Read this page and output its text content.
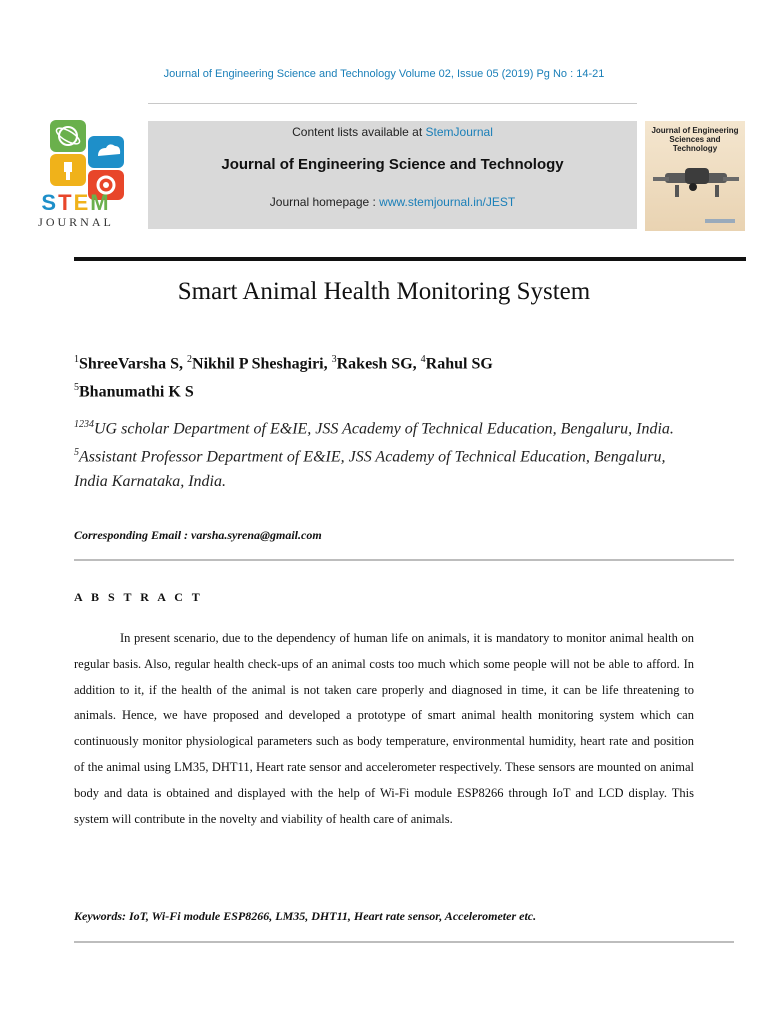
Journal of Engineering Science and Technology Volume 02, Issue 05 (2019) Pg No : 14-21
STEM
JOURNAL
Content lists available at StemJournal
Journal of Engineering Science and Technology
Journal homepage : www.stemjournal.in/JEST
Journal of Engineering Sciences and Technology
Smart Animal Health Monitoring System
$^1$ShreeVarsha S, $^2$Nikhil P Sheshagiri, $^3$Rakesh SG, $^4$Rahul SG
$^5$Bhanumathi K S
$^{1234}$UG scholar Department of E&IE, JSS Academy of Technical Education, Bengaluru, India.
$^5$Assistant Professor Department of E&IE, JSS Academy of Technical Education, Bengaluru, India Karnataka, India.
Corresponding Email : varsha.syrena@gmail.com
A B S T R A C T
In present scenario, due to the dependency of human life on animals, it is mandatory to monitor animal health on regular basis. Also, regular health check-ups of an animal costs too much which some people will not be able to afford. In addition to it, if the health of the animal is not taken care properly and diagnosed in time, it can be life threatening to animals. Hence, we have proposed and developed a prototype of smart animal health monitoring system which can continuously monitor physiological parameters such as body temperature, environmental humidity, heart rate and position of the animal using LM35, DHT11, Heart rate sensor and accelerometer respectively. These sensors are mounted on animal body and data is obtained and displayed with the help of Wi-Fi module ESP8266 through IoT and LCD display. This system will contribute in the novelty and viability of health care of animals.
Keywords: IoT, Wi-Fi module ESP8266, LM35, DHT11, Heart rate sensor, Accelerometer etc.
